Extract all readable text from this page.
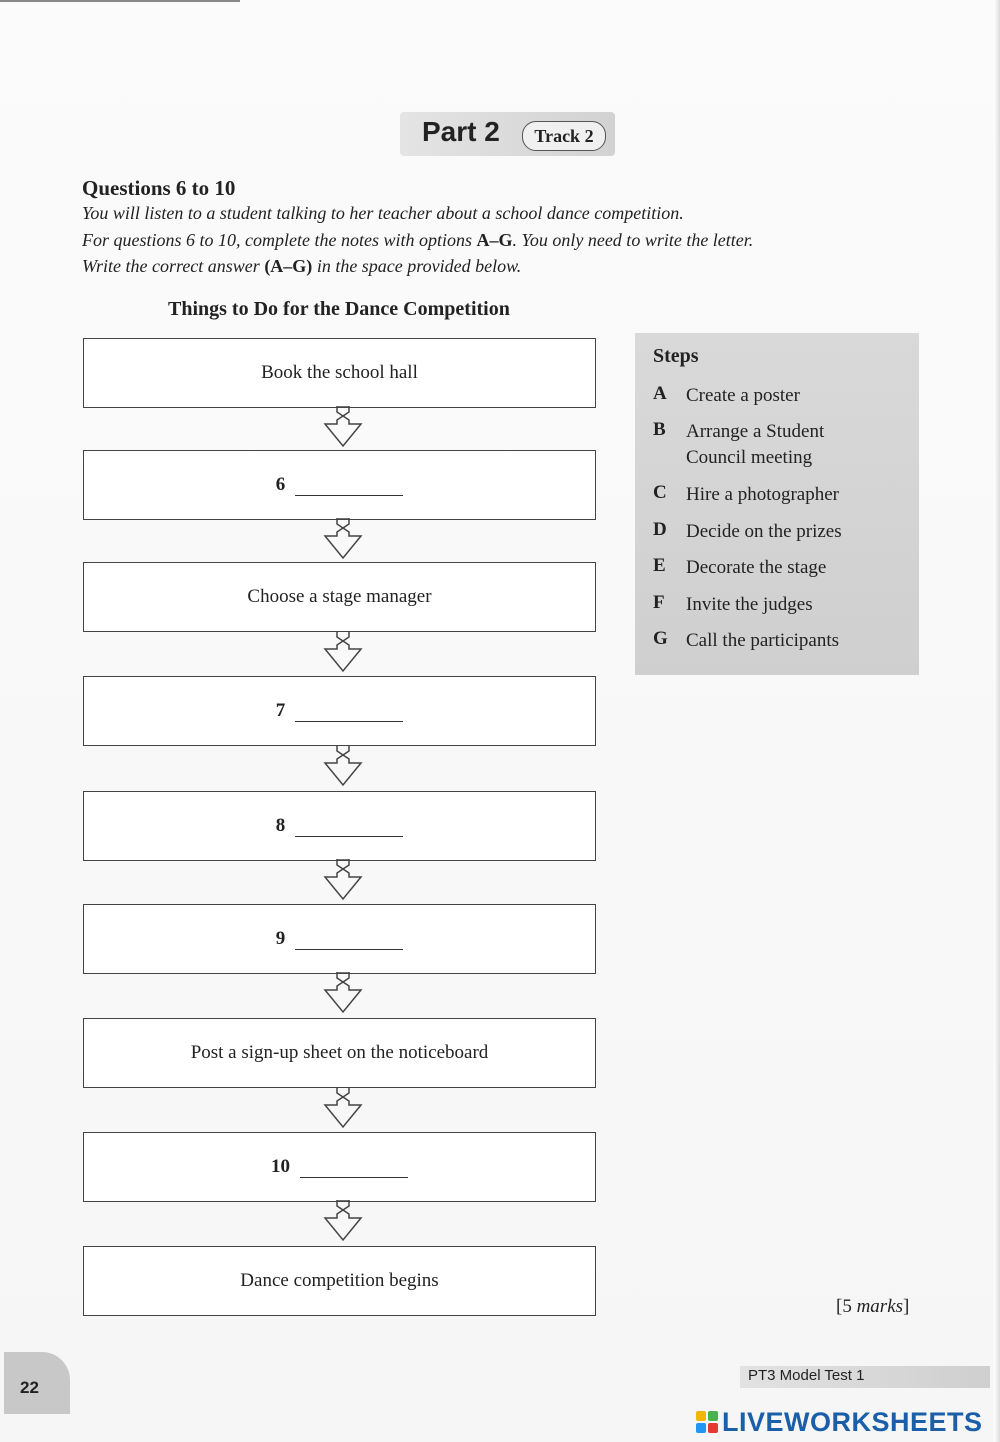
Part 2	Track 2
Questions 6 to 10
You will listen to a student talking to her teacher about a school dance competition.
For questions 6 to 10, complete the notes with options A–G. You only need to write the letter.
Write the correct answer (A–G) in the space provided below.
Things to Do for the Dance Competition
Book the school hall
6
Choose a stage manager
7
8
9
Post a sign-up sheet on the noticeboard
10
Dance competition begins
Steps
A	Create a poster
B	Arrange a Student Council meeting
C	Hire a photographer
D	Decide on the prizes
E	Decorate the stage
F	Invite the judges
G Call the participants
[5 marks]
22
PT3 Model Test 1
LIVEWORKSHEETS
